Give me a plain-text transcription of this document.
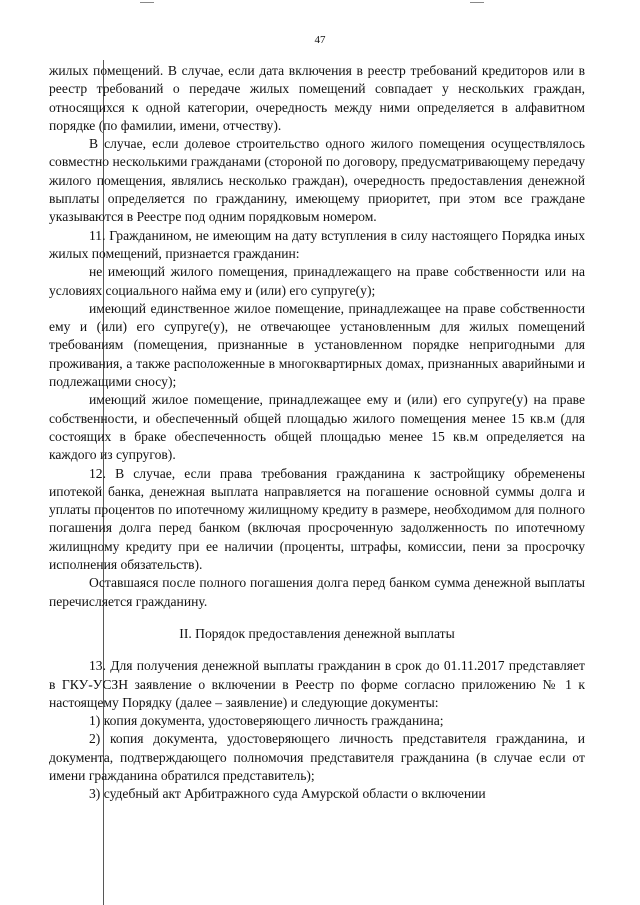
47

жилых помещений. В случае, если дата включения в реестр требований кредиторов или в реестр требований о передаче жилых помещений совпадает у нескольких граждан, относящихся к одной категории, очередность между ними определяется в алфавитном порядке (по фамилии, имени, отчеству).

В случае, если долевое строительство одного жилого помещения осуществлялось совместно несколькими гражданами (стороной по договору, предусматривающему передачу жилого помещения, являлись несколько граждан), очередность предоставления денежной выплаты определяется по гражданину, имеющему приоритет, при этом все граждане указываются в Реестре под одним порядковым номером.

11. Гражданином, не имеющим на дату вступления в силу настоящего Порядка иных жилых помещений, признается гражданин:

не имеющий жилого помещения, принадлежащего на праве собственности или на условиях социального найма ему и (или) его супруге(у);

имеющий единственное жилое помещение, принадлежащее на праве собственности ему и (или) его супруге(у), не отвечающее установленным для жилых помещений требованиям (помещения, признанные в установленном порядке непригодными для проживания, а также расположенные в многоквартирных домах, признанных аварийными и подлежащими сносу);

имеющий жилое помещение, принадлежащее ему и (или) его супругe(у) на праве собственности, и обеспеченный общей площадью жилого помещения менее 15 кв.м (для состоящих в браке обеспеченность общей площадью менее 15 кв.м определяется на каждого из супругов).

12. В случае, если права требования гражданина к застройщику обременены ипотекой банка, денежная выплата направляется на погашение основной суммы долга и уплаты процентов по ипотечному жилищному кредиту в размере, необходимом для полного погашения долга перед банком (включая просроченную задолженность по ипотечному жилищному кредиту при ее наличии (проценты, штрафы, комиссии, пени за просрочку исполнения обязательств).

Оставшаяся после полного погашения долга перед банком сумма денежной выплаты перечисляется гражданину.

II. Порядок предоставления денежной выплаты

13. Для получения денежной выплаты гражданин в срок до 01.11.2017 представляет в ГКУ-УСЗН заявление о включении в Реестр по форме согласно приложению № 1 к настоящему Порядку (далее – заявление) и следующие документы:

1) копия документа, удостоверяющего личность гражданина;

2) копия документа, удостоверяющего личность представителя гражданина, и документа, подтверждающего полномочия представителя гражданина (в случае если от имени гражданина обратился представитель);

3) судебный акт Арбитражного суда Амурской области о включении
